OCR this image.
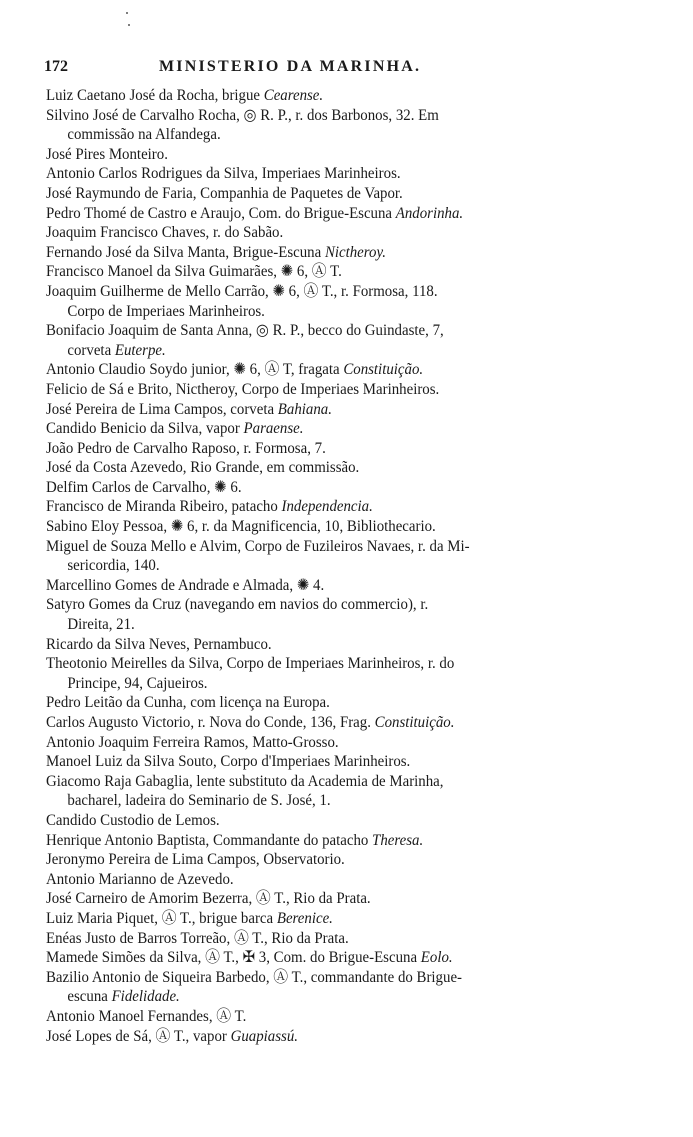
172	MINISTERIO DA MARINHA.
Luiz Caetano José da Rocha, brigue Cearense.
Silvino José de Carvalho Rocha, ◎ R. P., r. dos Barbonos, 32. Em
commissão na Alfandega.
José Pires Monteiro.
Antonio Carlos Rodrigues da Silva, Imperiaes Marinheiros.
José Raymundo de Faria, Companhia de Paquetes de Vapor.
Pedro Thomé de Castro e Araujo, Com. do Brigue-Escuna Andorinha.
Joaquim Francisco Chaves, r. do Sabão.
Fernando José da Silva Manta, Brigue-Escuna Nictheroy.
Francisco Manoel da Silva Guimarães, ✺ 6, Ⓐ T.
Joaquim Guilherme de Mello Carrão, ✺ 6, Ⓐ T., r. Formosa, 118.
Corpo de Imperiaes Marinheiros.
Bonifacio Joaquim de Santa Anna, ◎ R. P., becco do Guindaste, 7,
corveta Euterpe.
Antonio Claudio Soydo junior, ✺ 6, Ⓐ T, fragata Constituição.
Felicio de Sá e Brito, Nictheroy, Corpo de Imperiaes Marinheiros.
José Pereira de Lima Campos, corveta Bahiana.
Candido Benicio da Silva, vapor Paraense.
João Pedro de Carvalho Raposo, r. Formosa, 7.
José da Costa Azevedo, Rio Grande, em commissão.
Delfim Carlos de Carvalho, ✺ 6.
Francisco de Miranda Ribeiro, patacho Independencia.
Sabino Eloy Pessoa, ✺ 6, r. da Magnificencia, 10, Bibliothecario.
Miguel de Souza Mello e Alvim, Corpo de Fuzileiros Navaes, r. da Mi-
sericordia, 140.
Marcellino Gomes de Andrade e Almada, ✺ 4.
Satyro Gomes da Cruz (navegando em navios do commercio), r.
Direita, 21.
Ricardo da Silva Neves, Pernambuco.
Theotonio Meirelles da Silva, Corpo de Imperiaes Marinheiros, r. do
Principe, 94, Cajueiros.
Pedro Leitão da Cunha, com licença na Europa.
Carlos Augusto Victorio, r. Nova do Conde, 136, Frag. Constituição.
Antonio Joaquim Ferreira Ramos, Matto-Grosso.
Manoel Luiz da Silva Souto, Corpo d'Imperiaes Marinheiros.
Giacomo Raja Gabaglia, lente substituto da Academia de Marinha,
bacharel, ladeira do Seminario de S. José, 1.
Candido Custodio de Lemos.
Henrique Antonio Baptista, Commandante do patacho Theresa.
Jeronymo Pereira de Lima Campos, Observatorio.
Antonio Marianno de Azevedo.
José Carneiro de Amorim Bezerra, Ⓐ T., Rio da Prata.
Luiz Maria Piquet, Ⓐ T., brigue barca Berenice.
Enéas Justo de Barros Torreão, Ⓐ T., Rio da Prata.
Mamede Simões da Silva, Ⓐ T., ✠ 3, Com. do Brigue-Escuna Eolo.
Bazilio Antonio de Siqueira Barbedo, Ⓐ T., commandante do Brigue-
escuna Fidelidade.
Antonio Manoel Fernandes, Ⓐ T.
José Lopes de Sá, Ⓐ T., vapor Guapiassú.
